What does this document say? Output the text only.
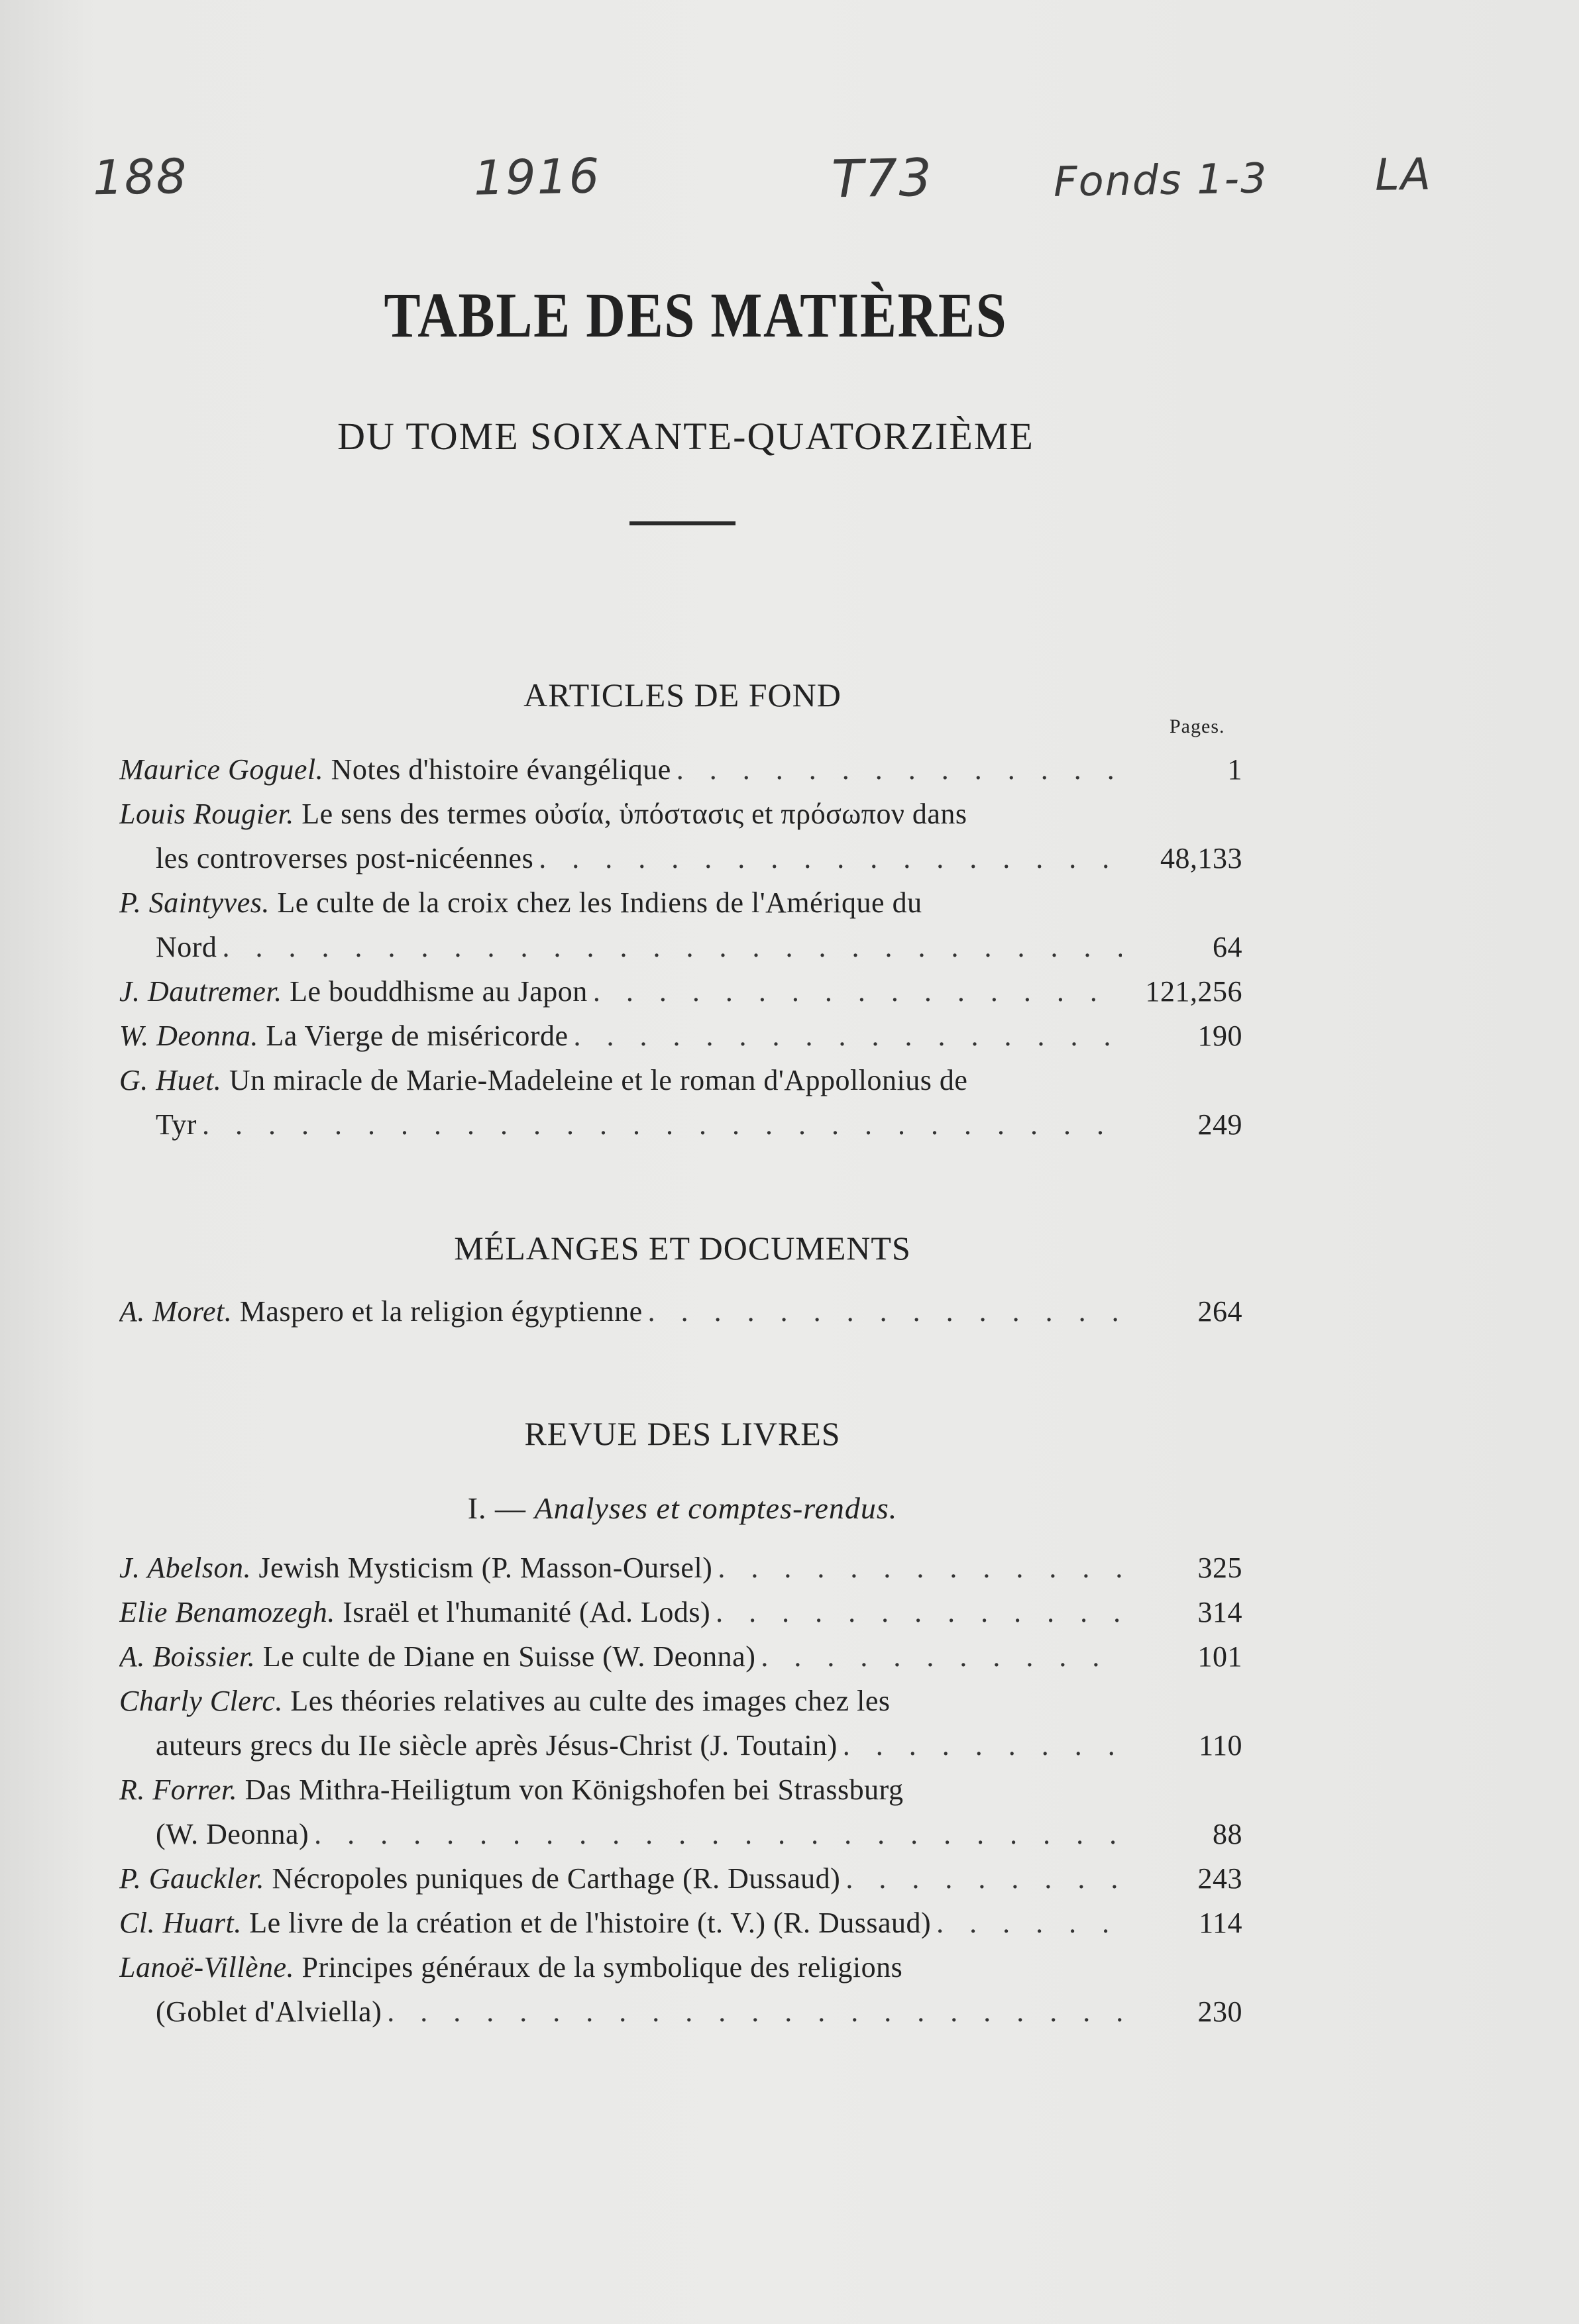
188	1916	T73	Fonds 1-3 LA
TABLE DES MATIÈRES
DU TOME SOIXANTE-QUATORZIÈME
ARTICLES DE FOND
Pages.
Maurice Goguel. Notes d'histoire évangélique . . .	1
Louis Rougier. Le sens des termes οὐσία, ὑπόστασις et πρόσωπον dans
les controverses post-nicéennes . . .	48,133
P. Saintyves. Le culte de la croix chez les Indiens de l'Amérique du
Nord . . .	64
J. Dautremer. Le bouddhisme au Japon . . .	121,256
W. Deonna. La Vierge de miséricorde . . .	190
G. Huet. Un miracle de Marie-Madeleine et le roman d'Appollonius de
Tyr . . .	249
MÉLANGES ET DOCUMENTS
A. Moret. Maspero et la religion égyptienne . . .	264
REVUE DES LIVRES
I. — Analyses et comptes-rendus.
J. Abelson. Jewish Mysticism (P. Masson-Oursel) . . .	325
Elie Benamozegh. Israël et l'humanité (Ad. Lods) . . .	314
A. Boissier. Le culte de Diane en Suisse (W. Deonna) . . .	101
Charly Clerc. Les théories relatives au culte des images chez les
auteurs grecs du IIe siècle après Jésus-Christ (J. Toutain) . . .	110
R. Forrer. Das Mithra-Heiligtum von Königshofen bei Strassburg
(W. Deonna) . . .	88
P. Gauckler. Nécropoles puniques de Carthage (R. Dussaud) . . .	243
Cl. Huart. Le livre de la création et de l'histoire (t. V.) (R. Dussaud) . . .	114
Lanoë-Villène. Principes généraux de la symbolique des religions
(Goblet d'Alviella) . . .	230
